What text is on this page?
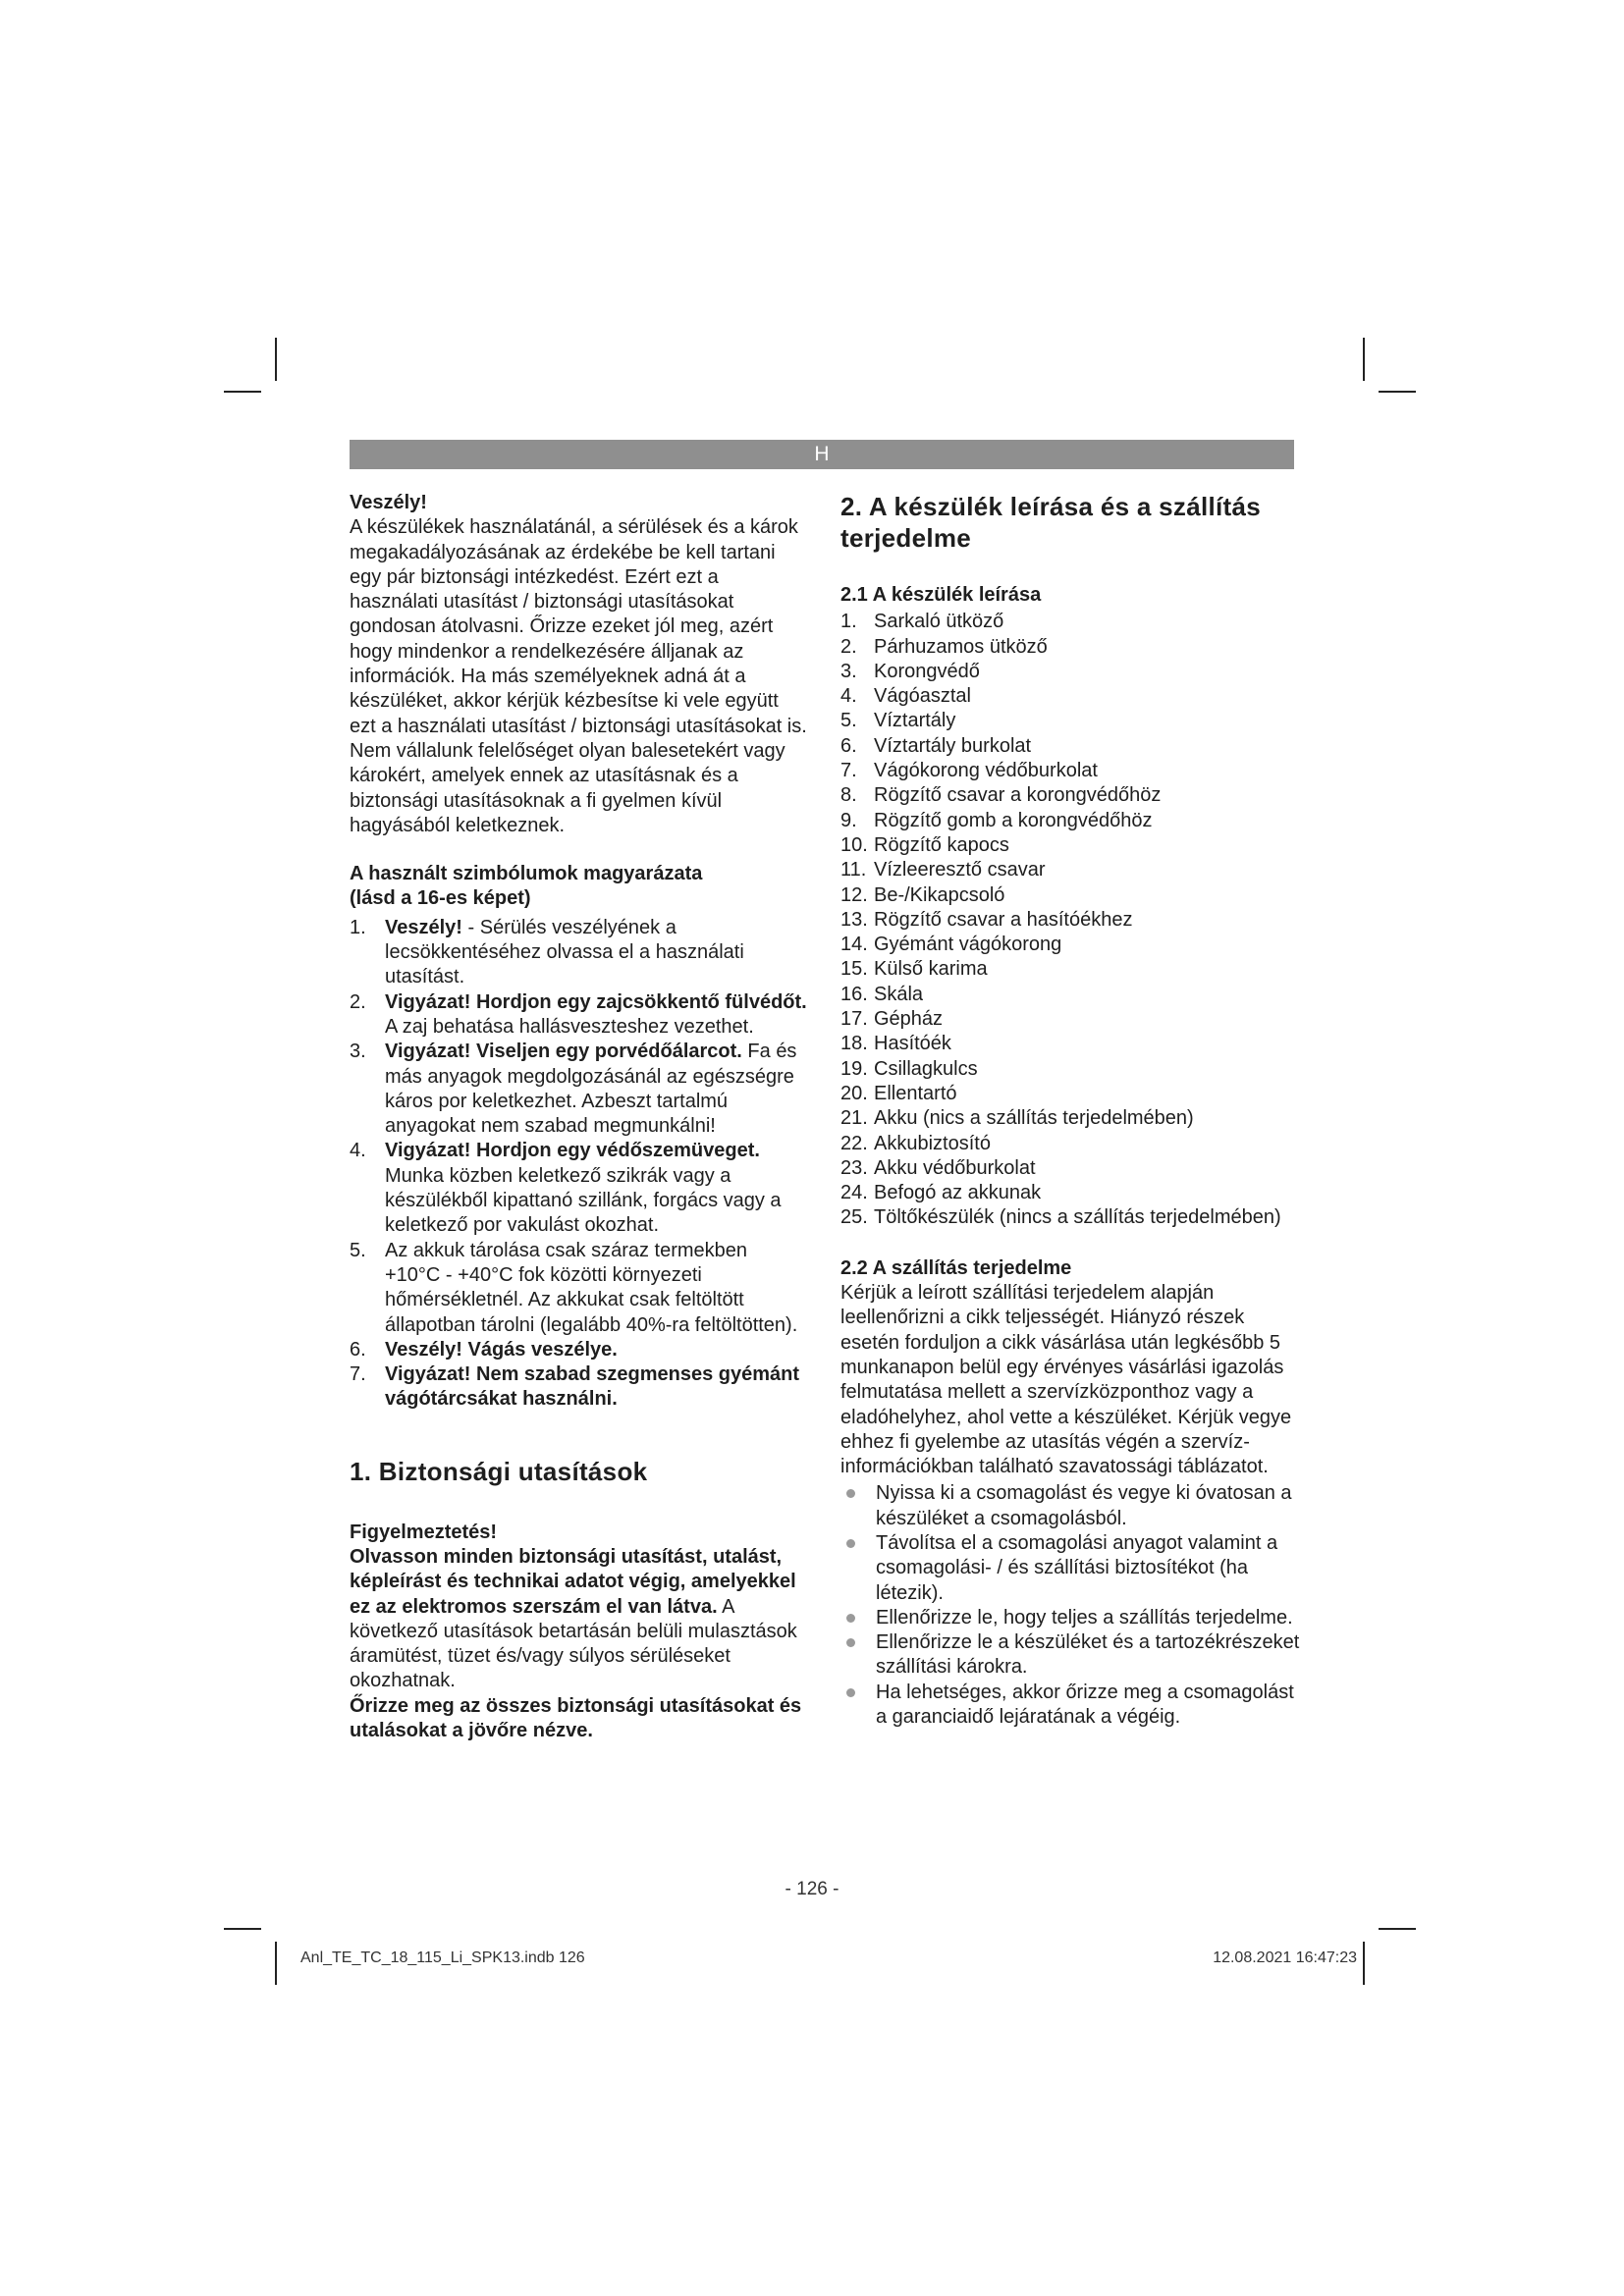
H

Veszély!

A készülékek használatánál, a sérülések és a károk megakadályozásának az érdekébe be kell tartani egy pár biztonsági intézkedést. Ezért ezt a használati utasítást / biztonsági utasításokat gondosan átolvasni. Őrizze ezeket jól meg, azért hogy mindenkor a rendelkezésére álljanak az információk. Ha más személyeknek adná át a készüléket, akkor kérjük kézbesítse ki vele együtt ezt a használati utasítást / biztonsági utasításokat is. Nem vállalunk felelőséget olyan balesetekért vagy károkért, amelyek ennek az utasításnak és a biztonsági utasításoknak a fi gyelmen kívül hagyásából keletkeznek.

A használt szimbólumok magyarázata

(lásd a 16-es képet)

1. Veszély! - Sérülés veszélyének a lecsökkentéséhez olvassa el a használati utasítást.
2. Vigyázat! Hordjon egy zajcsökkentő fülvédőt. A zaj behatása hallásveszteshez vezethet.
3. Vigyázat! Viseljen egy porvédőálarcot. Fa és más anyagok megdolgozásánál az egészségre káros por keletkezhet. Azbeszt tartalmú anyagokat nem szabad megmunkálni!
4. Vigyázat! Hordjon egy védőszemüveget. Munka közben keletkező szikrák vagy a készülékből kipattanó szillánk, forgács vagy a keletkező por vakulást okozhat.
5. Az akkuk tárolása csak száraz termekben +10°C - +40°C fok közötti környezeti hőmérsékletnél. Az akkukat csak feltöltött állapotban tárolni (legalább 40%-ra feltöltötten).
6. Veszély! Vágás veszélye.
7. Vigyázat! Nem szabad szegmenses gyémánt vágótárcsákat használni.

1. Biztonsági utasítások

Figyelmeztetés!

Olvasson minden biztonsági utasítást, utalást, képleírást és technikai adatot végig, amelyekkel ez az elektromos szerszám el van látva. A következő utasítások betartásán belüli mulasztások áramütést, tüzet és/vagy súlyos sérüléseket okozhatnak.

Őrizze meg az összes biztonsági utasításokat és utalásokat a jövőre nézve.

2. A készülék leírása és a szállítás terjedelme

2.1 A készülék leírása

1. Sarkaló ütköző
2. Párhuzamos ütköző
3. Korongvédő
4. Vágóasztal
5. Víztartály
6. Víztartály burkolat
7. Vágókorong védőburkolat
8. Rögzítő csavar a korongvédőhöz
9. Rögzítő gomb a korongvédőhöz
10. Rögzítő kapocs
11. Vízleeresztő csavar
12. Be-/Kikapcsoló
13. Rögzítő csavar a hasítóékhez
14. Gyémánt vágókorong
15. Külső karima
16. Skála
17. Gépház
18. Hasítóék
19. Csillagkulcs
20. Ellentartó
21. Akku (nics a szállítás terjedelmében)
22. Akkubiztosító
23. Akku védőburkolat
24. Befogó az akkunak
25. Töltőkészülék (nincs a szállítás terjedelmében)

2.2 A szállítás terjedelme

Kérjük a leírott szállítási terjedelem alapján leellenőrizni a cikk teljességét. Hiányzó részek esetén forduljon a cikk vásárlása után legkésőbb 5 munkanapon belül egy érvényes vásárlási igazolás felmutatása mellett a szervízközponthoz vagy a eladóhelyhez, ahol vette a készüléket. Kérjük vegye ehhez fi gyelembe az utasítás végén a szervíz-információkban található szavatossági táblázatot.

Nyissa ki a csomagolást és vegye ki óvatosan a készüléket a csomagolásból.
Távolítsa el a csomagolási anyagot valamint a csomagolási- / és szállítási biztosítékot (ha létezik).
Ellenőrizze le, hogy teljes a szállítás terjedelme.
Ellenőrizze le a készüléket és a tartozékrészeket szállítási károkra.
Ha lehetséges, akkor őrizze meg a csomagolást a garanciaidő lejáratának a végéig.
- 126 -
Anl_TE_TC_18_115_Li_SPK13.indb 126	12.08.2021 16:47:23
